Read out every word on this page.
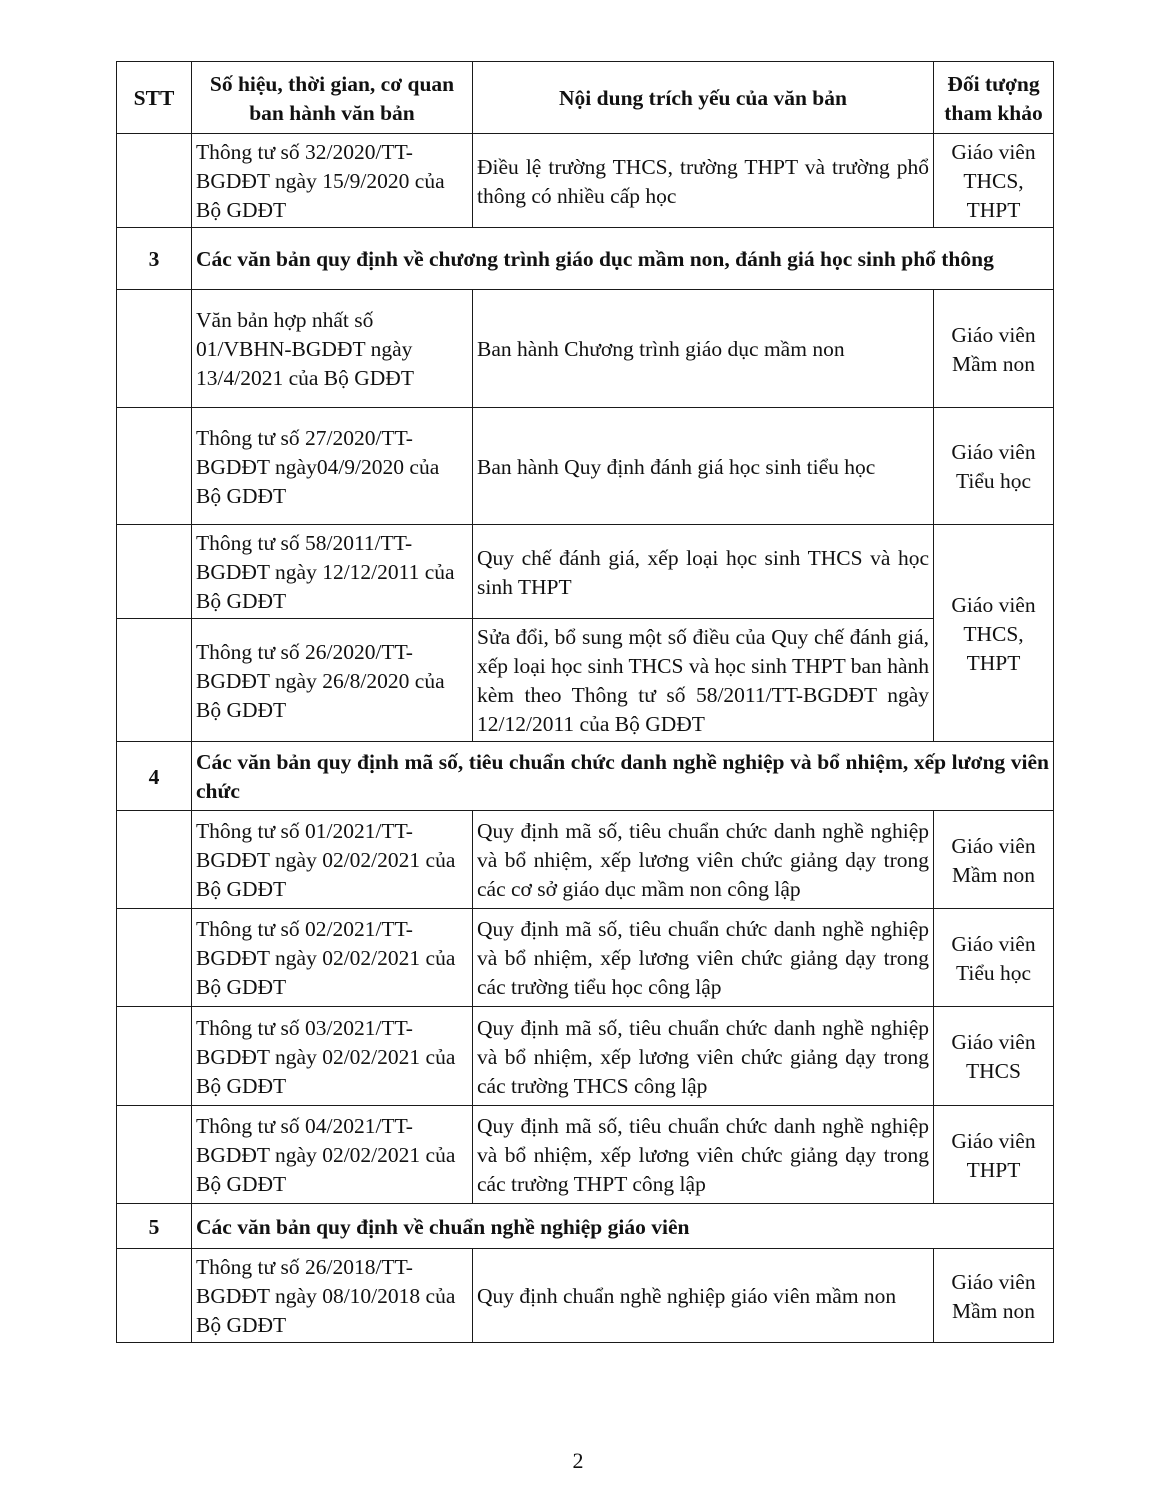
STT	Số hiệu, thời gian, cơ quan ban hành văn bản	Nội dung trích yếu của văn bản	Đối tượng tham khảo
	Thông tư số 32/2020/TT-BGDĐT ngày 15/9/2020 của Bộ GDĐT	Điều lệ trường THCS, trường THPT và trường phổ thông có nhiều cấp học	Giáo viên THCS, THPT
3	Các văn bản quy định về chương trình giáo dục mầm non, đánh giá học sinh phổ thông		
	Văn bản hợp nhất số 01/VBHN-BGDĐT ngày 13/4/2021 của Bộ GDĐT	Ban hành Chương trình giáo dục mầm non	Giáo viên Mầm non
	Thông tư số 27/2020/TT-BGDĐT ngày04/9/2020 của Bộ GDĐT	Ban hành Quy định đánh giá học sinh tiểu học	Giáo viên Tiểu học
	Thông tư số 58/2011/TT-BGDĐT ngày 12/12/2011 của Bộ GDĐT	Quy chế đánh giá, xếp loại học sinh THCS và học sinh THPT	Giáo viên THCS, THPT
	Thông tư số 26/2020/TT-BGDĐT ngày 26/8/2020 của Bộ GDĐT	Sửa đổi, bổ sung một số điều của Quy chế đánh giá, xếp loại học sinh THCS và học sinh THPT ban hành kèm theo Thông tư số 58/2011/TT-BGDĐT ngày 12/12/2011 của Bộ GDĐT	
4	Các văn bản quy định mã số, tiêu chuẩn chức danh nghề nghiệp và bổ nhiệm, xếp lương viên chức		
	Thông tư số 01/2021/TT-BGDĐT ngày 02/02/2021 của Bộ GDĐT	Quy định mã số, tiêu chuẩn chức danh nghề nghiệp và bổ nhiệm, xếp lương viên chức giảng dạy trong các cơ sở giáo dục mầm non công lập	Giáo viên Mầm non
	Thông tư số 02/2021/TT-BGDĐT ngày 02/02/2021 của Bộ GDĐT	Quy định mã số, tiêu chuẩn chức danh nghề nghiệp và bổ nhiệm, xếp lương viên chức giảng dạy trong các trường tiểu học công lập	Giáo viên Tiểu học
	Thông tư số 03/2021/TT-BGDĐT ngày 02/02/2021 của Bộ GDĐT	Quy định mã số, tiêu chuẩn chức danh nghề nghiệp và bổ nhiệm, xếp lương viên chức giảng dạy trong các trường THCS công lập	Giáo viên THCS
	Thông tư số 04/2021/TT-BGDĐT ngày 02/02/2021 của Bộ GDĐT	Quy định mã số, tiêu chuẩn chức danh nghề nghiệp và bổ nhiệm, xếp lương viên chức giảng dạy trong các trường THPT công lập	Giáo viên THPT
5	Các văn bản quy định về chuẩn nghề nghiệp giáo viên		
	Thông tư số 26/2018/TT-BGDĐT ngày 08/10/2018 của Bộ GDĐT	Quy định chuẩn nghề nghiệp giáo viên mầm non	Giáo viên Mầm non
2
